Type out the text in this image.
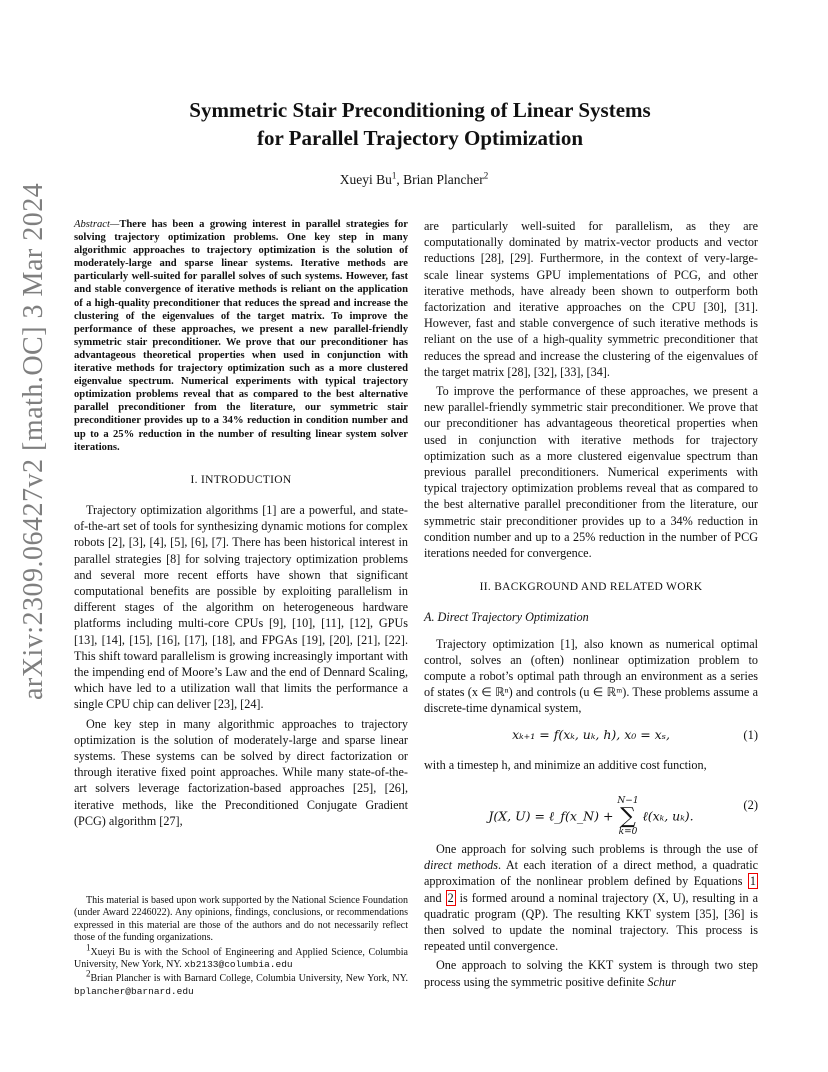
arXiv:2309.06427v2 [math.OC] 3 Mar 2024
Symmetric Stair Preconditioning of Linear Systems
for Parallel Trajectory Optimization
Xueyi Bu$^1$, Brian Plancher$^2$

Abstract—There has been a growing interest in parallel strategies for solving trajectory optimization problems. One key step in many algorithmic approaches to trajectory optimization is the solution of moderately-large and sparse linear systems. Iterative methods are particularly well-suited for parallel solves of such systems. However, fast and stable convergence of iterative methods is reliant on the application of a high-quality preconditioner that reduces the spread and increase the clustering of the eigenvalues of the target matrix. To improve the performance of these approaches, we present a new parallel-friendly symmetric stair preconditioner. We prove that our preconditioner has advantageous theoretical properties when used in conjunction with iterative methods for trajectory optimization such as a more clustered eigenvalue spectrum. Numerical experiments with typical trajectory optimization problems reveal that as compared to the best alternative parallel preconditioner from the literature, our symmetric stair preconditioner provides up to a 34% reduction in condition number and up to a 25% reduction in the number of resulting linear system solver iterations.

I. INTRODUCTION

Trajectory optimization algorithms [1] are a powerful, and state-of-the-art set of tools for synthesizing dynamic motions for complex robots [2], [3], [4], [5], [6], [7]. There has been historical interest in parallel strategies [8] for solving trajectory optimization problems and several more recent efforts have shown that significant computational benefits are possible by exploiting parallelism in different stages of the algorithm on heterogeneous hardware platforms including multi-core CPUs [9], [10], [11], [12], GPUs [13], [14], [15], [16], [17], [18], and FPGAs [19], [20], [21], [22]. This shift toward parallelism is growing increasingly important with the impending end of Moore’s Law and the end of Dennard Scaling, which have led to a utilization wall that limits the performance a single CPU chip can deliver [23], [24].

One key step in many algorithmic approaches to trajectory optimization is the solution of moderately-large and sparse linear systems. These systems can be solved by direct factorization or through iterative fixed point approaches. While many state-of-the-art solvers leverage factorization-based approaches [25], [26], iterative methods, like the Preconditioned Conjugate Gradient (PCG) algorithm [27],

are particularly well-suited for parallelism, as they are computationally dominated by matrix-vector products and vector reductions [28], [29]. Furthermore, in the context of very-large-scale linear systems GPU implementations of PCG, and other iterative methods, have already been shown to outperform both factorization and iterative approaches on the CPU [30], [31]. However, fast and stable convergence of such iterative methods is reliant on the use of a high-quality symmetric preconditioner that reduces the spread and increase the clustering of the eigenvalues of the target matrix [28], [32], [33], [34].

To improve the performance of these approaches, we present a new parallel-friendly symmetric stair preconditioner. We prove that our preconditioner has advantageous theoretical properties when used in conjunction with iterative methods for trajectory optimization such as a more clustered eigenvalue spectrum than previous parallel preconditioners. Numerical experiments with typical trajectory optimization problems reveal that as compared to the best alternative parallel preconditioner from the literature, our symmetric stair preconditioner provides up to a 34% reduction in condition number and up to a 25% reduction in the number of PCG iterations needed for convergence.

II. BACKGROUND AND RELATED WORK
A. Direct Trajectory Optimization

Trajectory optimization [1], also known as numerical optimal control, solves an (often) nonlinear optimization problem to compute a robot’s optimal path through an environment as a series of states (x ∈ ℝⁿ) and controls (u ∈ ℝᵐ). These problems assume a discrete-time dynamical system,

xₖ₊₁ = f(xₖ, uₖ, h), x₀ = xₛ,	(1)

with a timestep h, and minimize an additive cost function,

J(X, U) = ℓ_f(x_N) +
N−1
∑
k=0
ℓ(xₖ, uₖ).
(2)

One approach for solving such problems is through the use of direct methods. At each iteration of a direct method, a quadratic approximation of the nonlinear problem defined by Equations 1 and 2 is formed around a nominal trajectory (X, U), resulting in a quadratic program (QP). The resulting KKT system [35], [36] is then solved to update the nominal trajectory. This process is repeated until convergence.

One approach to solving the KKT system is through two step process using the symmetric positive definite Schur

This material is based upon work supported by the National Science Foundation (under Award 2246022). Any opinions, findings, conclusions, or recommendations expressed in this material are those of the authors and do not necessarily reflect those of the funding organizations.

$^1$Xueyi Bu is with the School of Engineering and Applied Science, Columbia University, New York, NY. xb2133@columbia.edu

$^2$Brian Plancher is with Barnard College, Columbia University, New York, NY. bplancher@barnard.edu
